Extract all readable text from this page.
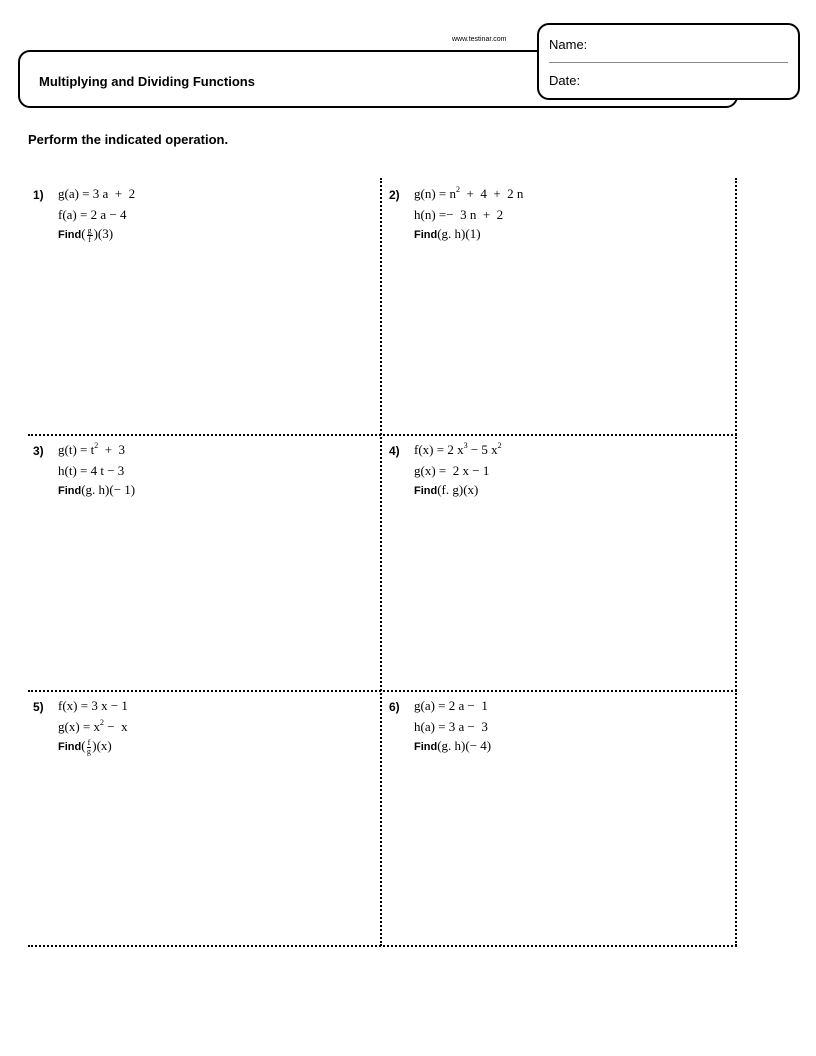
Multiplying and Dividing Functions
www.testinar.com	Name:
Date:
Perform the indicated operation.
1) g(a) = 3 a  +  2
f(a) = 2 a − 4
Find( $\frac{g}{f} )(3)$
2) $g(n) = n^2 + 4 + 2$ n
h(n) =−  3 n  +  2
Find(g. h)(1)
3) $g(t) = t^2 + 3$
h(t) = 4 t − 3
Find(g. h)(− 1)
4) f(x) = 2 $x^3 - 5$ $x^2$
g(x) =  2 x − 1
Find(f. g)(x)
5) f(x) = 3 x − 1
$g(x) = x^2 - x$
Find( $\frac{f}{g} )(x)$
6) g(a) = 2 a −  1
h(a) = 3 a −  3
Find(g. h)(− 4)
